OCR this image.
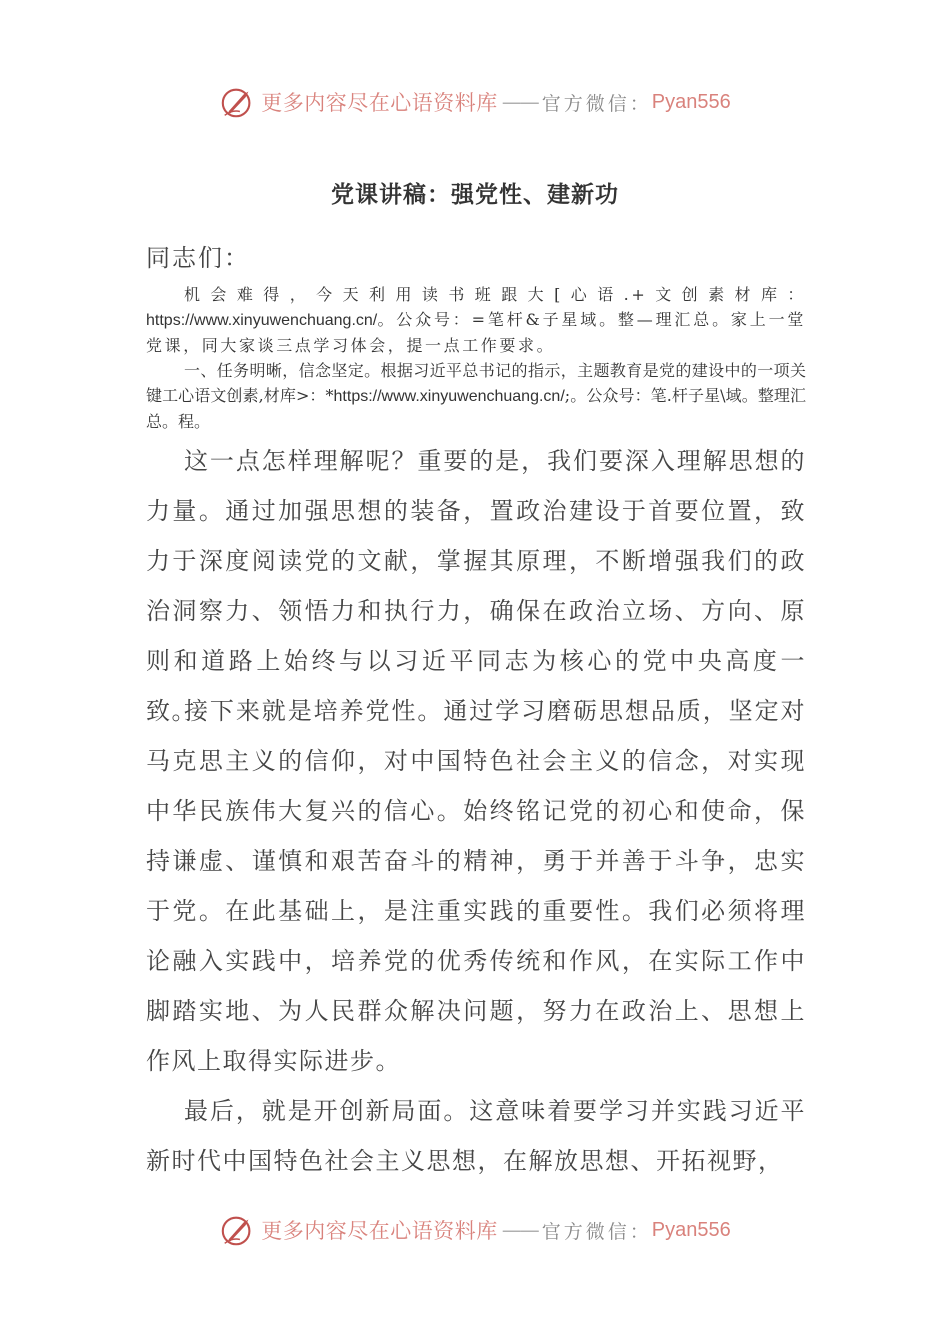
更多内容尽在心语资料库 —— 官方微信： Pyan556
党课讲稿：强党性、建新功
同志们：

机会难得，今天利用读书班跟大[心语.+文创素材库：https://www.xinyuwenchuang.cn/。公众号：=笔杆&子星域。整—理汇总。家上一堂党课，同大家谈三点学习体会，提一点工作要求。

一、任务明晰，信念坚定。根据习近平总书记的指示，主题教育是党的建设中的一项关键工心语文创素,材库>：*https://www.xinyuwenchuang.cn/;。公众号：笔.杆子星\域。整理汇总。程。

这一点怎样理解呢？重要的是，我们要深入理解思想的力量。通过加强思想的装备，置政治建设于首要位置，致力于深度阅读党的文献，掌握其原理，不断增强我们的政治洞察力、领悟力和执行力，确保在政治立场、方向、原则和道路上始终与以习近平同志为核心的党中央高度一致。

接下来就是培养党性。通过学习磨砺思想品质，坚定对马克思主义的信仰，对中国特色社会主义的信念，对实现中华民族伟大复兴的信心。始终铭记党的初心和使命，保持谦虚、谨慎和艰苦奋斗的精神，勇于并善于斗争，忠实于党。在此基础上，是注重实践的重要性。我们必须将理论融入实践中，培养党的优秀传统和作风，在实际工作中脚踏实地、为人民群众解决问题，努力在政治上、思想上作风上取得实际进步。

最后，就是开创新局面。这意味着要学习并实践习近平新时代中国特色社会主义思想，在解放思想、开拓视野，

更多内容尽在心语资料库 —— 官方微信： Pyan556
